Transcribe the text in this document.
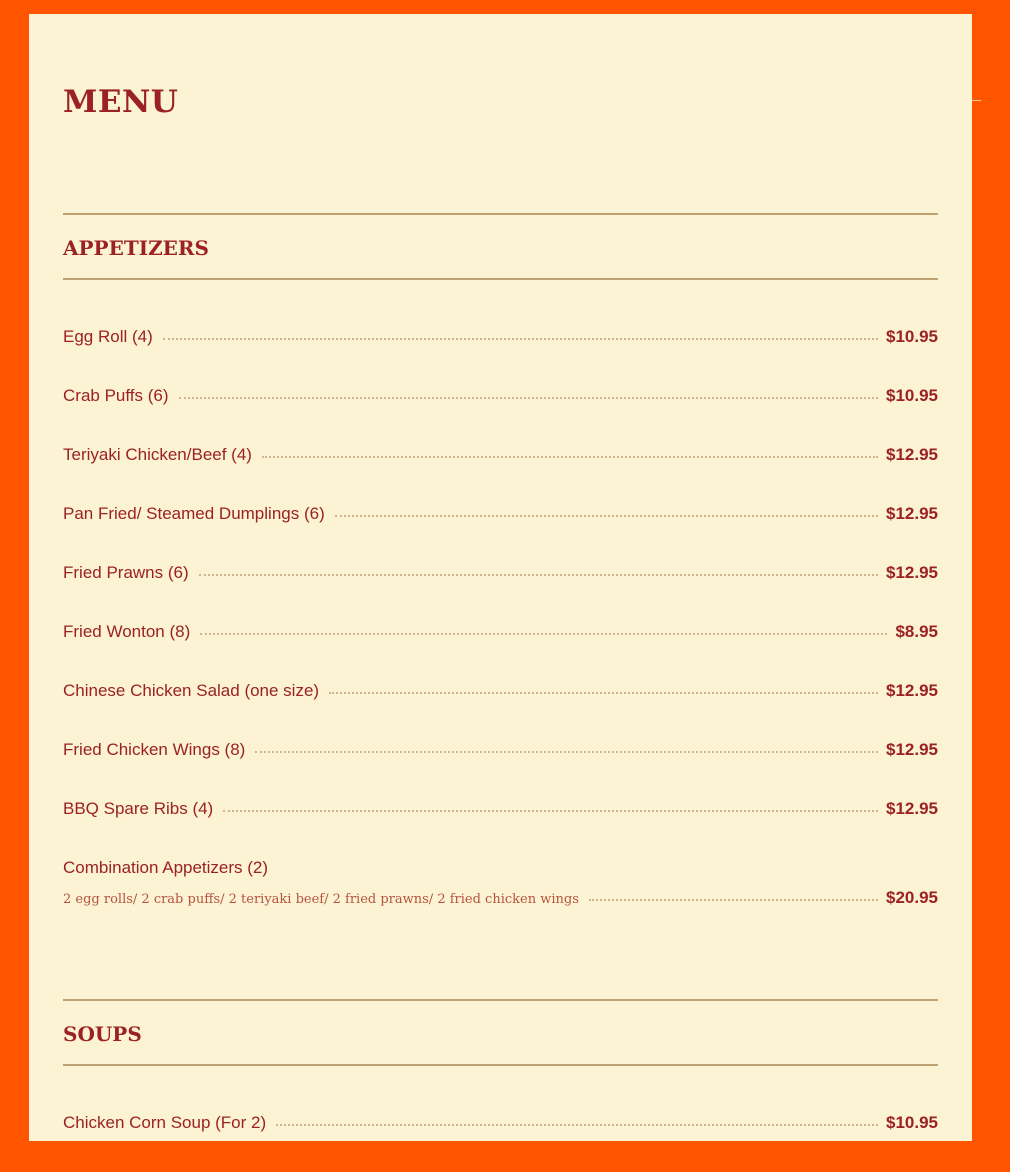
MENU
APPETIZERS
Egg Roll (4)	$10.95
Crab Puffs (6)	$10.95
Teriyaki Chicken/Beef (4)	$12.95
Pan Fried/ Steamed Dumplings (6)	$12.95
Fried Prawns (6)	$12.95
Fried Wonton (8)	$8.95
Chinese Chicken Salad (one size)	$12.95
Fried Chicken Wings (8)	$12.95
BBQ Spare Ribs (4)	$12.95
Combination Appetizers (2)
2 egg rolls/ 2 crab puffs/ 2 teriyaki beef/ 2 fried prawns/ 2 fried chicken wings	$20.95
SOUPS
Chicken Corn Soup (For 2)	$10.95
